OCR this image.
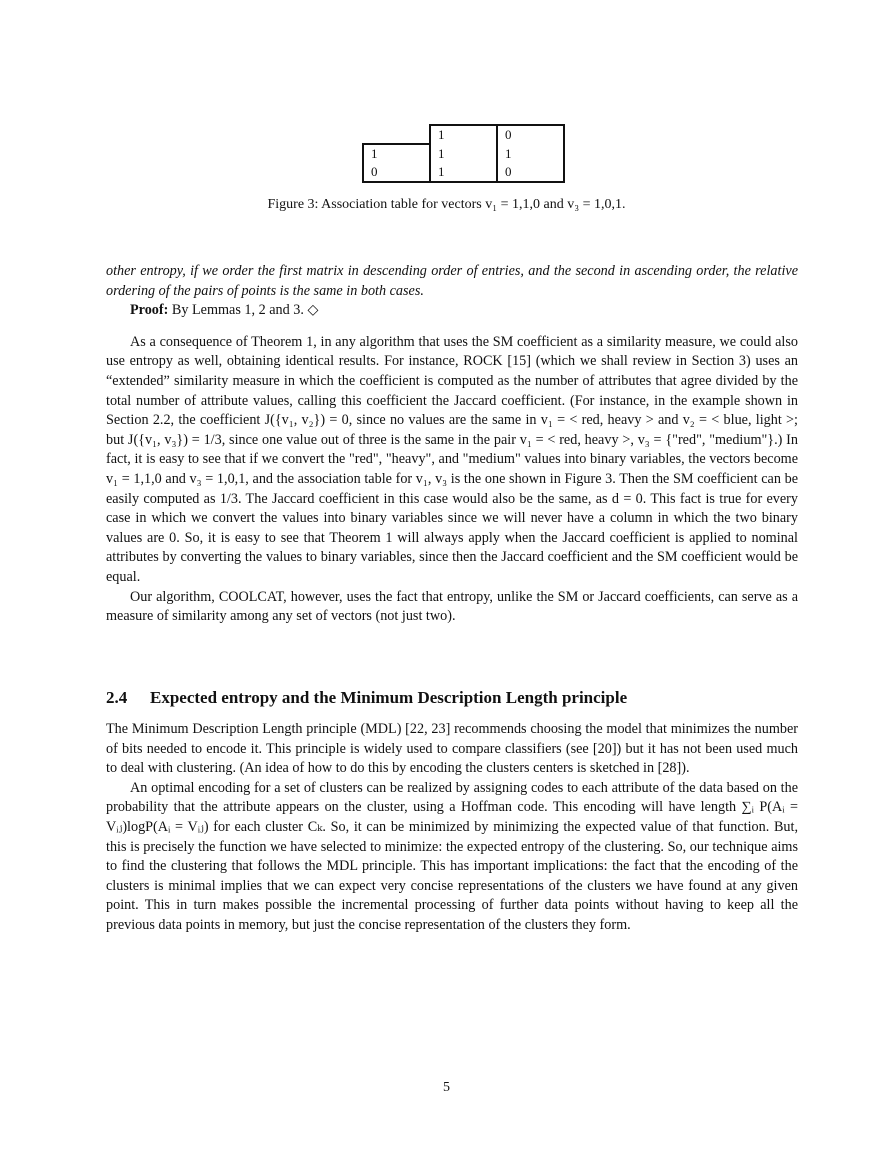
	1	0
1	1	1
0	1	0
Figure 3: Association table for vectors v₁ = 1,1,0 and v₃ = 1,0,1.

other entropy, if we order the first matrix in descending order of entries, and the second in ascending order, the relative ordering of the pairs of points is the same in both cases.

Proof: By Lemmas 1, 2 and 3. ◇

As a consequence of Theorem 1, in any algorithm that uses the SM coefficient as a similarity measure, we could also use entropy as well, obtaining identical results. For instance, ROCK [15] (which we shall review in Section 3) uses an “extended” similarity measure in which the coefficient is computed as the number of attributes that agree divided by the total number of attribute values, calling this coefficient the Jaccard coefficient. (For instance, in the example shown in Section 2.2, the coefficient J({v₁, v₂}) = 0, since no values are the same in v₁ = < red, heavy > and v₂ = < blue, light >; but J({v₁, v₃}) = 1/3, since one value out of three is the same in the pair v₁ = < red, heavy >, v₃ = {"red", "medium"}.) In fact, it is easy to see that if we convert the "red", "heavy", and "medium" values into binary variables, the vectors become v₁ = 1,1,0 and v₃ = 1,0,1, and the association table for v₁, v₃ is the one shown in Figure 3. Then the SM coefficient can be easily computed as 1/3. The Jaccard coefficient in this case would also be the same, as d = 0. This fact is true for every case in which we convert the values into binary variables since we will never have a column in which the two binary values are 0. So, it is easy to see that Theorem 1 will always apply when the Jaccard coefficient is applied to nominal attributes by converting the values to binary variables, since then the Jaccard coefficient and the SM coefficient would be equal.

Our algorithm, COOLCAT, however, uses the fact that entropy, unlike the SM or Jaccard coefficients, can serve as a measure of similarity among any set of vectors (not just two).

2.4 Expected entropy and the Minimum Description Length principle

The Minimum Description Length principle (MDL) [22, 23] recommends choosing the model that minimizes the number of bits needed to encode it. This principle is widely used to compare classifiers (see [20]) but it has not been used much to deal with clustering. (An idea of how to do this by encoding the clusters centers is sketched in [28]).

An optimal encoding for a set of clusters can be realized by assigning codes to each attribute of the data based on the probability that the attribute appears on the cluster, using a Hoffman code. This encoding will have length ∑ᵢ P(Aᵢ = Vᵢⱼ)logP(Aᵢ = Vᵢⱼ) for each cluster Cₖ. So, it can be minimized by minimizing the expected value of that function. But, this is precisely the function we have selected to minimize: the expected entropy of the clustering. So, our technique aims to find the clustering that follows the MDL principle. This has important implications: the fact that the encoding of the clusters is minimal implies that we can expect very concise representations of the clusters we have found at any given point. This in turn makes possible the incremental processing of further data points without having to keep all the previous data points in memory, but just the concise representation of the clusters they form.

5
